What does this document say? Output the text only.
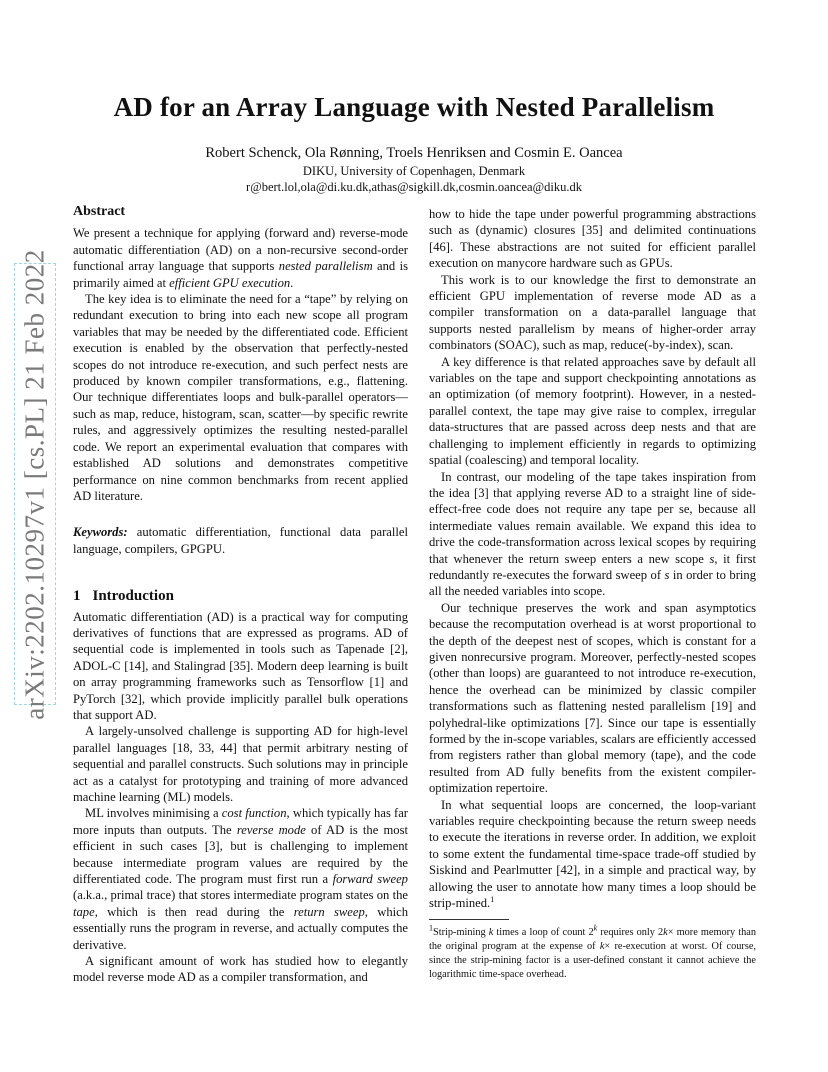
AD for an Array Language with Nested Parallelism
Robert Schenck, Ola Rønning, Troels Henriksen and Cosmin E. Oancea
DIKU, University of Copenhagen, Denmark
r@bert.lol,ola@di.ku.dk,athas@sigkill.dk,cosmin.oancea@diku.dk
arXiv:2202.10297v1 [cs.PL] 21 Feb 2022
Abstract

We present a technique for applying (forward and) reverse-mode automatic differentiation (AD) on a non-recursive second-order functional array language that supports nested parallelism and is primarily aimed at efficient GPU execution.

The key idea is to eliminate the need for a “tape” by relying on redundant execution to bring into each new scope all program variables that may be needed by the differentiated code. Efficient execution is enabled by the observation that perfectly-nested scopes do not introduce re-execution, and such perfect nests are produced by known compiler transformations, e.g., flattening. Our technique differentiates loops and bulk-parallel operators—such as map, reduce, histogram, scan, scatter—by specific rewrite rules, and aggressively optimizes the resulting nested-parallel code. We report an experimental evaluation that compares with established AD solutions and demonstrates competitive performance on nine common benchmarks from recent applied AD literature.

Keywords: automatic differentiation, functional data parallel language, compilers, GPGPU.

1 Introduction

Automatic differentiation (AD) is a practical way for computing derivatives of functions that are expressed as programs. AD of sequential code is implemented in tools such as Tapenade [2], ADOL-C [14], and Stalingrad [35]. Modern deep learning is built on array programming frameworks such as Tensorflow [1] and PyTorch [32], which provide implicitly parallel bulk operations that support AD.

A largely-unsolved challenge is supporting AD for high-level parallel languages [18, 33, 44] that permit arbitrary nesting of sequential and parallel constructs. Such solutions may in principle act as a catalyst for prototyping and training of more advanced machine learning (ML) models.

ML involves minimising a cost function, which typically has far more inputs than outputs. The reverse mode of AD is the most efficient in such cases [3], but is challenging to implement because intermediate program values are required by the differentiated code. The program must first run a forward sweep (a.k.a., primal trace) that stores intermediate program states on the tape, which is then read during the return sweep, which essentially runs the program in reverse, and actually computes the derivative.

A significant amount of work has studied how to elegantly model reverse mode AD as a compiler transformation, and

how to hide the tape under powerful programming abstractions such as (dynamic) closures [35] and delimited continuations [46]. These abstractions are not suited for efficient parallel execution on manycore hardware such as GPUs.

This work is to our knowledge the first to demonstrate an efficient GPU implementation of reverse mode AD as a compiler transformation on a data-parallel language that supports nested parallelism by means of higher-order array combinators (SOAC), such as map, reduce(-by-index), scan.

A key difference is that related approaches save by default all variables on the tape and support checkpointing annotations as an optimization (of memory footprint). However, in a nested-parallel context, the tape may give raise to complex, irregular data-structures that are passed across deep nests and that are challenging to implement efficiently in regards to optimizing spatial (coalescing) and temporal locality.

In contrast, our modeling of the tape takes inspiration from the idea [3] that applying reverse AD to a straight line of side-effect-free code does not require any tape per se, because all intermediate values remain available. We expand this idea to drive the code-transformation across lexical scopes by requiring that whenever the return sweep enters a new scope s, it first redundantly re-executes the forward sweep of s in order to bring all the needed variables into scope.

Our technique preserves the work and span asymptotics because the recomputation overhead is at worst proportional to the depth of the deepest nest of scopes, which is constant for a given nonrecursive program. Moreover, perfectly-nested scopes (other than loops) are guaranteed to not introduce re-execution, hence the overhead can be minimized by classic compiler transformations such as flattening nested parallelism [19] and polyhedral-like optimizations [7]. Since our tape is essentially formed by the in-scope variables, scalars are efficiently accessed from registers rather than global memory (tape), and the code resulted from AD fully benefits from the existent compiler-optimization repertoire.

In what sequential loops are concerned, the loop-variant variables require checkpointing because the return sweep needs to execute the iterations in reverse order. In addition, we exploit to some extent the fundamental time-space trade-off studied by Siskind and Pearlmutter [42], in a simple and practical way, by allowing the user to annotate how many times a loop should be strip-mined.$^1$

$^1$Strip-mining k times a loop of count 2$^k$ requires only 2k× more memory than the original program at the expense of k× re-execution at worst. Of course, since the strip-mining factor is a user-defined constant it cannot achieve the logarithmic time-space overhead.
